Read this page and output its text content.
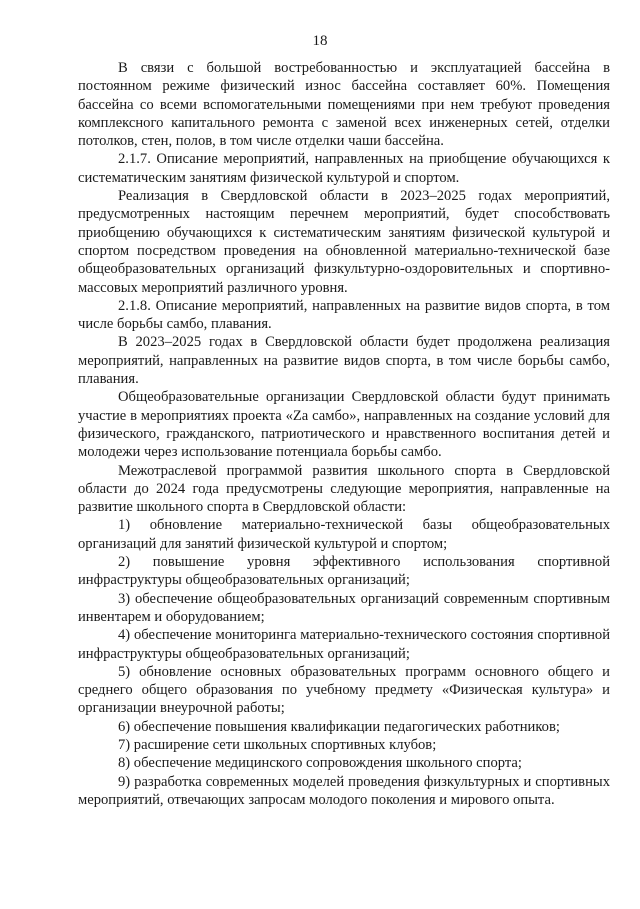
18

В связи с большой востребованностью и эксплуатацией бассейна в постоянном режиме физический износ бассейна составляет 60%. Помещения бассейна со всеми вспомогательными помещениями при нем требуют проведения комплексного капитального ремонта с заменой всех инженерных сетей, отделки потолков, стен, полов, в том числе отделки чаши бассейна.

2.1.7. Описание мероприятий, направленных на приобщение обучающихся к систематическим занятиям физической культурой и спортом.

Реализация в Свердловской области в 2023–2025 годах мероприятий, предусмотренных настоящим перечнем мероприятий, будет способствовать приобщению обучающихся к систематическим занятиям физической культурой и спортом посредством проведения на обновленной материально-технической базе общеобразовательных организаций физкультурно-оздоровительных и спортивно-массовых мероприятий различного уровня.

2.1.8. Описание мероприятий, направленных на развитие видов спорта, в том числе борьбы самбо, плавания.

В 2023–2025 годах в Свердловской области будет продолжена реализация мероприятий, направленных на развитие видов спорта, в том числе борьбы самбо, плавания.

Общеобразовательные организации Свердловской области будут принимать участие в мероприятиях проекта «Za самбо», направленных на создание условий для физического, гражданского, патриотического и нравственного воспитания детей и молодежи через использование потенциала борьбы самбо.

Межотраслевой программой развития школьного спорта в Свердловской области до 2024 года предусмотрены следующие мероприятия, направленные на развитие школьного спорта в Свердловской области:

1) обновление материально-технической базы общеобразовательных организаций для занятий физической культурой и спортом;

2) повышение уровня эффективного использования спортивной инфраструктуры общеобразовательных организаций;

3) обеспечение общеобразовательных организаций современным спортивным инвентарем и оборудованием;

4) обеспечение мониторинга материально-технического состояния спортивной инфраструктуры общеобразовательных организаций;

5) обновление основных образовательных программ основного общего и среднего общего образования по учебному предмету «Физическая культура» и организации внеурочной работы;

6) обеспечение повышения квалификации педагогических работников;

7) расширение сети школьных спортивных клубов;

8) обеспечение медицинского сопровождения школьного спорта;

9) разработка современных моделей проведения физкультурных и спортивных мероприятий, отвечающих запросам молодого поколения и мирового опыта.
